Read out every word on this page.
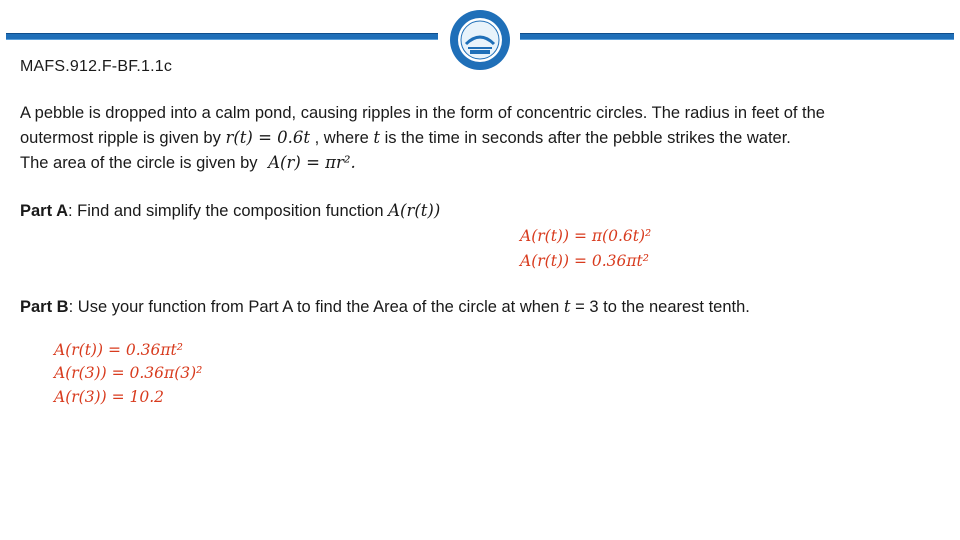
MAFS.912.F-BF.1.1c
A pebble is dropped into a calm pond, causing ripples in the form of concentric circles. The radius in feet of the
outermost ripple is given by r(t) = 0.6t , where t is the time in seconds after the pebble strikes the water.
The area of the circle is given by A(r) = πr².
Part A: Find and simplify the composition function A(r(t))
A(r(t)) = π(0.6t)²
A(r(t)) = 0.36πt²
Part B: Use your function from Part A to find the Area of the circle at when t = 3 to the nearest tenth.
A(r(t)) = 0.36πt²
A(r(3)) = 0.36π(3)²
A(r(3)) = 10.2
